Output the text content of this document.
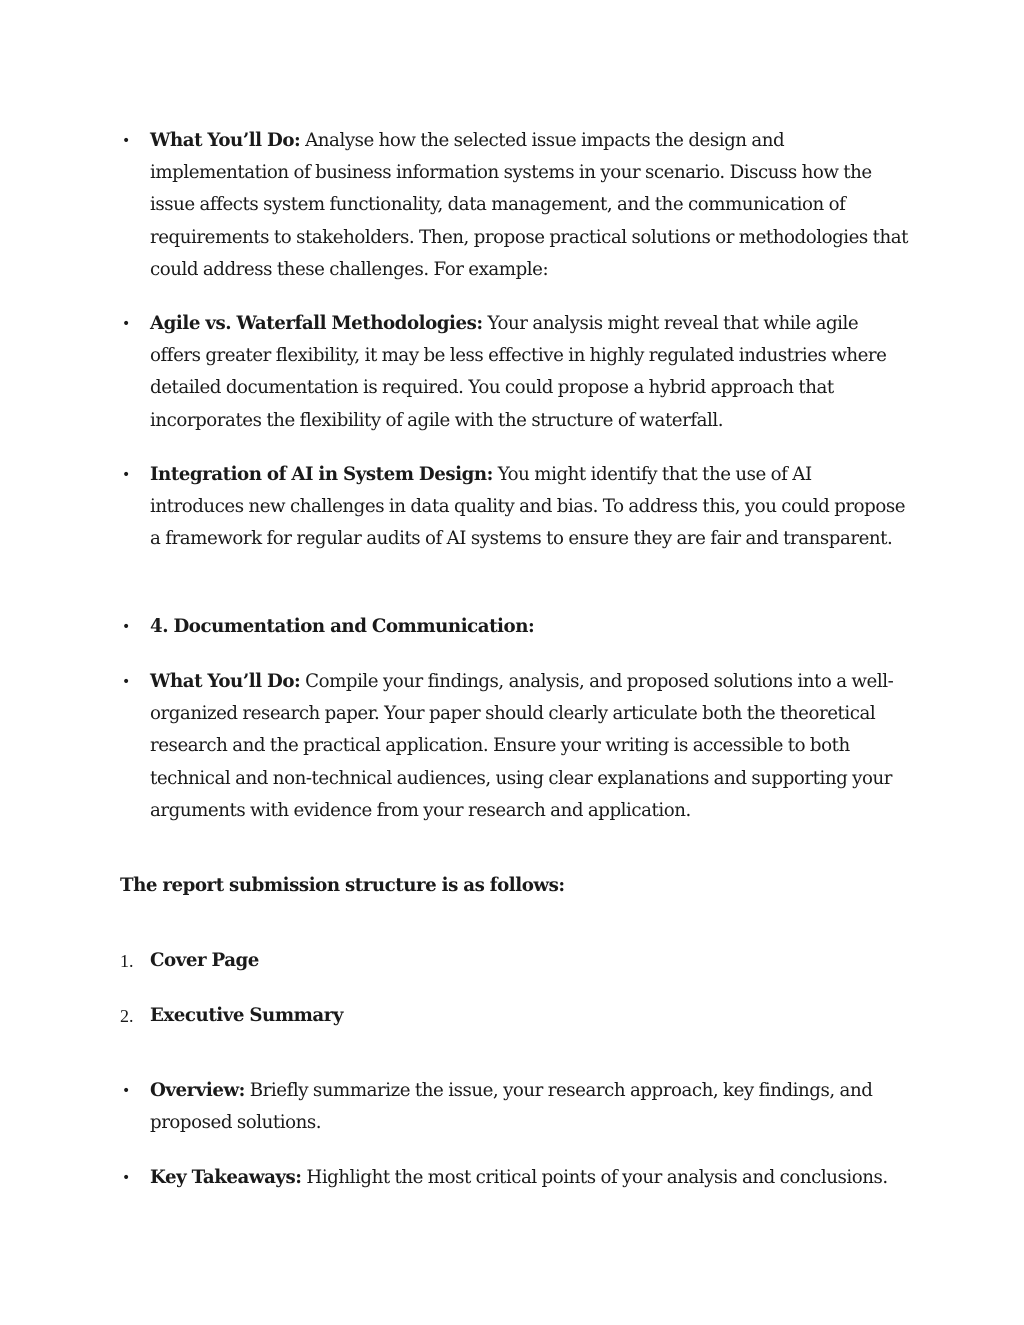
•	What You’ll Do: Analyse how the selected issue impacts the design and implementation of business information systems in your scenario. Discuss how the issue affects system functionality, data management, and the communication of requirements to stakeholders. Then, propose practical solutions or methodologies that could address these challenges. For example:
•	Agile vs. Waterfall Methodologies: Your analysis might reveal that while agile offers greater flexibility, it may be less effective in highly regulated industries where detailed documentation is required. You could propose a hybrid approach that incorporates the flexibility of agile with the structure of waterfall.
•	Integration of AI in System Design: You might identify that the use of AI introduces new challenges in data quality and bias. To address this, you could propose a framework for regular audits of AI systems to ensure they are fair and transparent.
•	4. Documentation and Communication:
•	What You’ll Do: Compile your findings, analysis, and proposed solutions into a well-organized research paper. Your paper should clearly articulate both the theoretical research and the practical application. Ensure your writing is accessible to both technical and non-technical audiences, using clear explanations and supporting your arguments with evidence from your research and application.
The report submission structure is as follows:
1. Cover Page
2. Executive Summary
•	Overview: Briefly summarize the issue, your research approach, key findings, and proposed solutions.
•	Key Takeaways: Highlight the most critical points of your analysis and conclusions.
